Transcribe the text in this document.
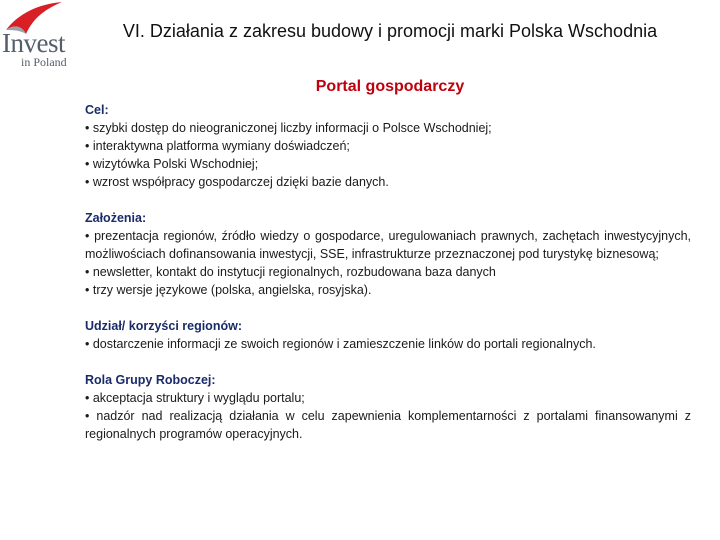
Invest
in Poland
VI. Działania z zakresu budowy i promocji marki Polska Wschodnia
Portal gospodarczy
Cel:
• szybki dostęp do nieograniczonej liczby informacji o Polsce Wschodniej;
• interaktywna platforma wymiany doświadczeń;
• wizytówka Polski Wschodniej;
• wzrost współpracy gospodarczej dzięki bazie danych.
Założenia:
• prezentacja regionów, źródło wiedzy o gospodarce, uregulowaniach prawnych, zachętach inwestycyjnych, możliwościach dofinansowania inwestycji, SSE, infrastrukturze przeznaczonej pod turystykę biznesową;
• newsletter, kontakt do instytucji regionalnych, rozbudowana baza danych
• trzy wersje językowe (polska, angielska, rosyjska).
Udział/ korzyści regionów:
• dostarczenie informacji ze swoich regionów i zamieszczenie linków do portali regionalnych.
Rola Grupy Roboczej:
• akceptacja struktury i wyglądu portalu;
• nadzór nad realizacją działania w celu zapewnienia komplementarności z portalami finansowanymi z regionalnych programów operacyjnych.
